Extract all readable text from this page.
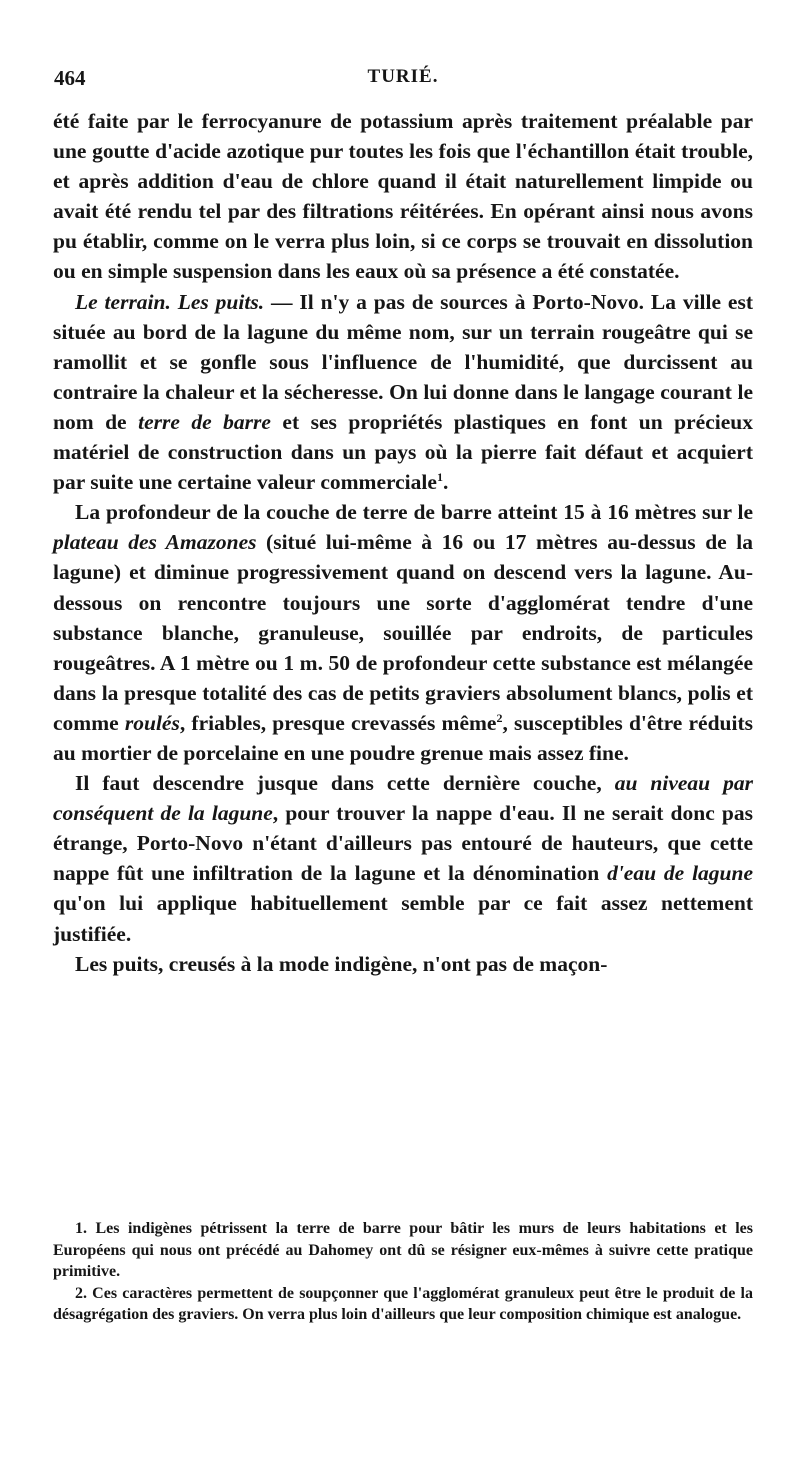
464	TURIÉ.

été faite par le ferrocyanure de potassium après traitement préalable par une goutte d'acide azotique pur toutes les fois que l'échantillon était trouble, et après addition d'eau de chlore quand il était naturellement limpide ou avait été rendu tel par des filtrations réitérées. En opérant ainsi nous avons pu établir, comme on le verra plus loin, si ce corps se trouvait en dissolution ou en simple suspension dans les eaux où sa présence a été constatée.

Le terrain. Les puits. — Il n'y a pas de sources à Porto-Novo. La ville est située au bord de la lagune du même nom, sur un terrain rougeâtre qui se ramollit et se gonfle sous l'influence de l'humidité, que durcissent au contraire la chaleur et la sécheresse. On lui donne dans le langage courant le nom de terre de barre et ses propriétés plastiques en font un précieux matériel de construction dans un pays où la pierre fait défaut et acquiert par suite une certaine valeur commerciale$^1$.

La profondeur de la couche de terre de barre atteint 15 à 16 mètres sur le plateau des Amazones (situé lui-même à 16 ou 17 mètres au-dessus de la lagune) et diminue progressivement quand on descend vers la lagune. Au-dessous on rencontre toujours une sorte d'agglomérat tendre d'une substance blanche, granuleuse, souillée par endroits, de particules rougeâtres. A 1 mètre ou 1 m. 50 de profondeur cette substance est mélangée dans la presque totalité des cas de petits graviers absolument blancs, polis et comme roulés, friables, presque crevassés même$^2$, susceptibles d'être réduits au mortier de porcelaine en une poudre grenue mais assez fine.

Il faut descendre jusque dans cette dernière couche, au niveau par conséquent de la lagune, pour trouver la nappe d'eau. Il ne serait donc pas étrange, Porto-Novo n'étant d'ailleurs pas entouré de hauteurs, que cette nappe fût une infiltration de la lagune et la dénomination d'eau de lagune qu'on lui applique habituellement semble par ce fait assez nettement justifiée.

Les puits, creusés à la mode indigène, n'ont pas de maçon-

1. Les indigènes pétrissent la terre de barre pour bâtir les murs de leurs habitations et les Européens qui nous ont précédé au Dahomey ont dû se résigner eux-mêmes à suivre cette pratique primitive.

2. Ces caractères permettent de soupçonner que l'agglomérat granuleux peut être le produit de la désagrégation des graviers. On verra plus loin d'ailleurs que leur composition chimique est analogue.
